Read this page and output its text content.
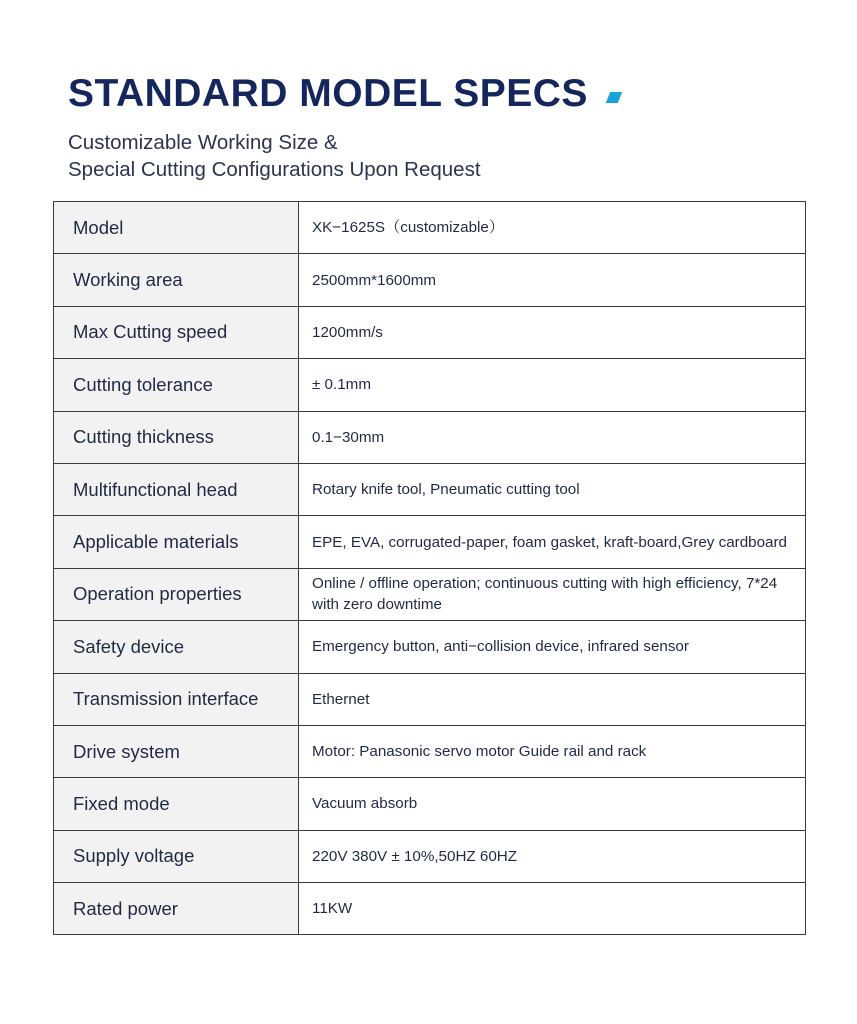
STANDARD MODEL SPECS
Customizable Working Size &
Special Cutting Configurations Upon Request
Model	XK−1625S（customizable）
Working area	2500mm*1600mm
Max Cutting speed	1200mm/s
Cutting tolerance	± 0.1mm
Cutting thickness	0.1−30mm
Multifunctional head	Rotary knife tool, Pneumatic cutting tool
Applicable materials	EPE, EVA, corrugated-paper, foam gasket, kraft-board,Grey cardboard
Operation properties	Online / offline operation; continuous cutting with high efficiency, 7*24 with zero downtime
Safety device	Emergency button, anti−collision device, infrared sensor
Transmission interface	Ethernet
Drive system	Motor: Panasonic servo motor Guide rail and rack
Fixed mode	Vacuum absorb
Supply voltage	220V 380V ± 10%,50HZ 60HZ
Rated power	11KW
